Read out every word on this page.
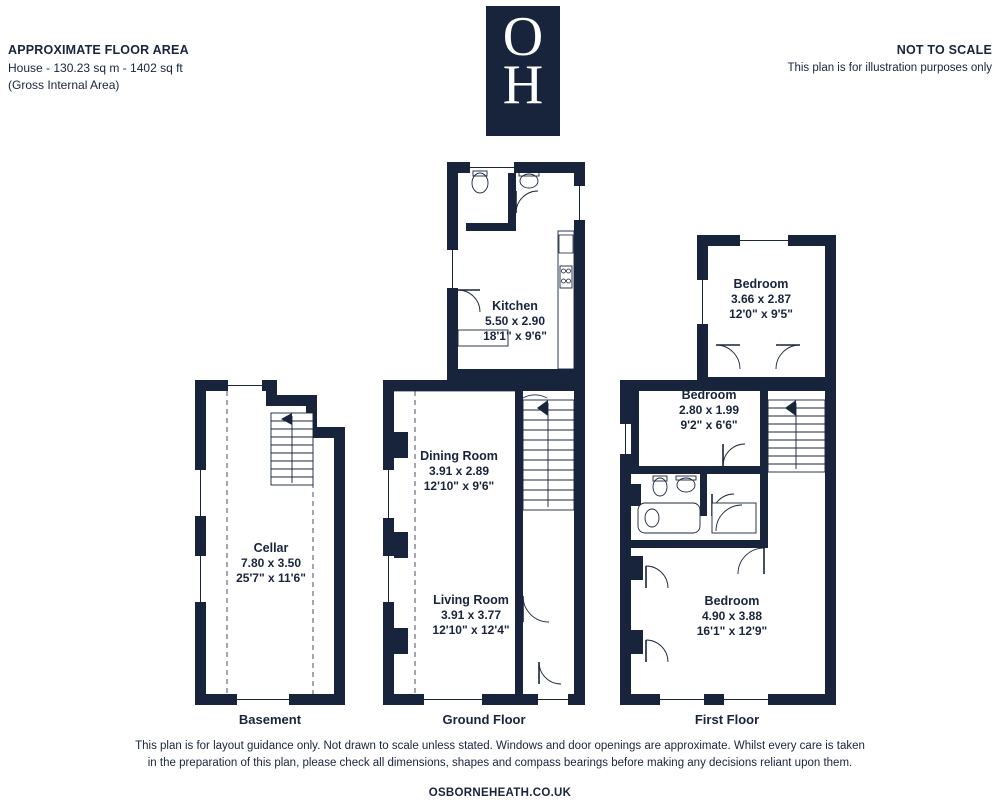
APPROXIMATE FLOOR AREA
House - 130.23 sq m - 1402 sq ft
(Gross Internal Area)
NOT TO SCALE
This plan is for illustration purposes only
O
H
Cellar
7.80 x 3.50
25'7" x 11'6"
Kitchen
5.50 x 2.90
18'1" x 9'6"
Dining Room
3.91 x 2.89
12'10" x 9'6"
Living Room
3.91 x 3.77
12'10" x 12'4"
Bedroom
3.66 x 2.87
12'0" x 9'5"
Bedroom
2.80 x 1.99
9'2" x 6'6"
Bedroom
4.90 x 3.88
16'1" x 12'9"
Basement	Ground Floor	First Floor
This plan is for layout guidance only. Not drawn to scale unless stated. Windows and door openings are approximate. Whilst every care is taken
in the preparation of this plan, please check all dimensions, shapes and compass bearings before making any decisions reliant upon them.
OSBORNEHEATH.CO.UK
